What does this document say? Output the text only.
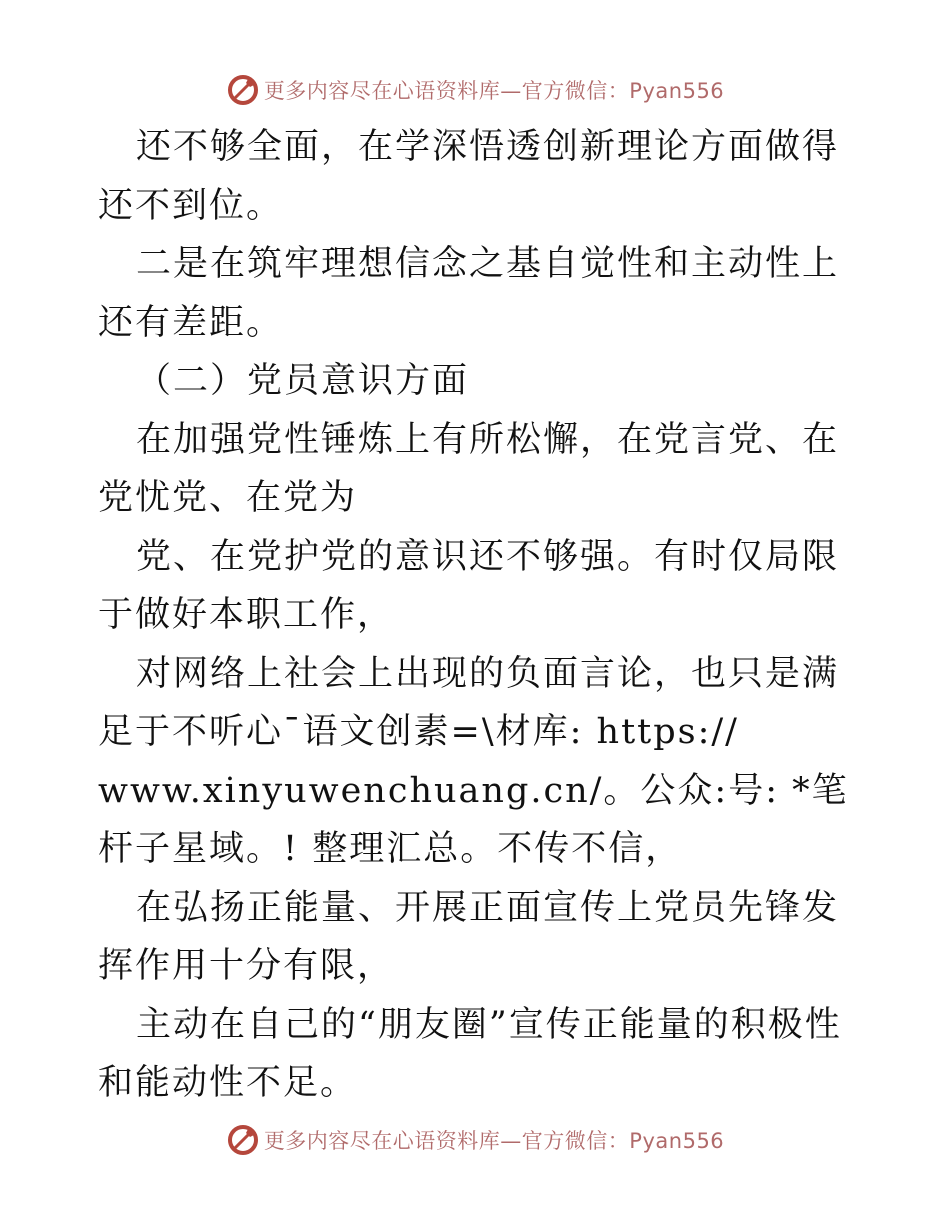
更多内容尽在心语资料库—官方微信：Pyan556

还不够全面，在学深悟透创新理论方面做得还不到位。

二是在筑牢理想信念之基自觉性和主动性上还有差距。

（二）党员意识方面

在加强党性锤炼上有所松懈，在党言党、在党忧党、在党为

党、在党护党的意识还不够强。有时仅局限于做好本职工作，

对网络上社会上出现的负面言论，也只是满足于不听心¯语文创素=\材库: https://

www.xinyuwenchuang.cn/。公众:号: *笔杆子星域。! 整理汇总。不传不信，

在弘扬正能量、开展正面宣传上党员先锋发挥作用十分有限，

主动在自己的“朋友圈”宣传正能量的积极性和能动性不足。

更多内容尽在心语资料库—官方微信：Pyan556
